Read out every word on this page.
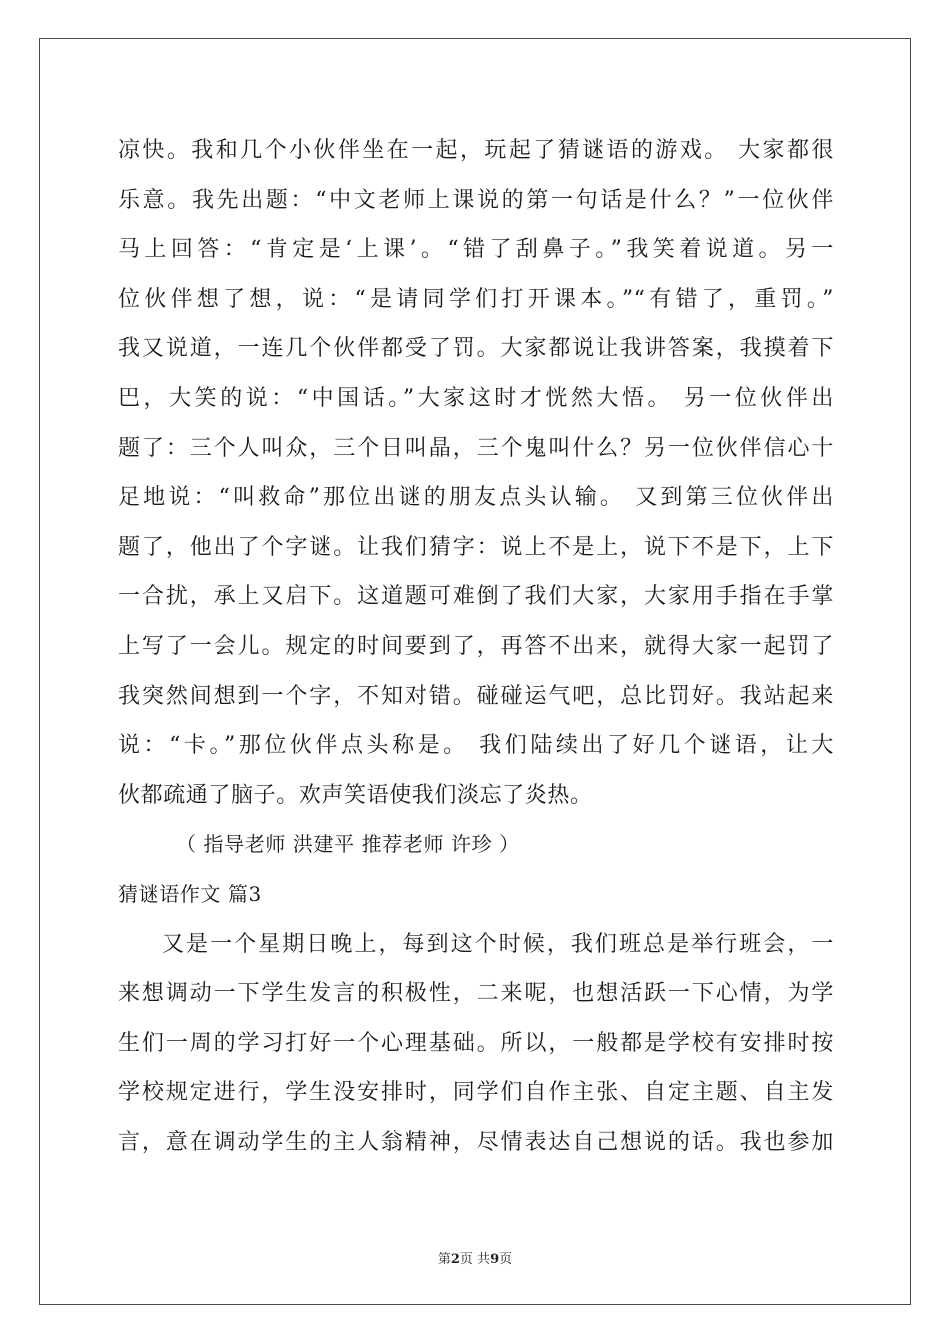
凉快。我和几个小伙伴坐在一起，玩起了猜谜语的游戏。 大家都很
乐意。我先出题：“中文老师上课说的第一句话是什么？”一位伙伴
马上回答：“肯定是‘上课’。“错了刮鼻子。”我笑着说道。另一
位伙伴想了想，说：“是请同学们打开课本。”“有错了，重罚。”
我又说道，一连几个伙伴都受了罚。大家都说让我讲答案，我摸着下
巴，大笑的说：“中国话。”大家这时才恍然大悟。 另一位伙伴出
题了：三个人叫众，三个日叫晶，三个鬼叫什么？另一位伙伴信心十
足地说：“叫救命”那位出谜的朋友点头认输。 又到第三位伙伴出
题了，他出了个字谜。让我们猜字：说上不是上，说下不是下，上下
一合扰，承上又启下。这道题可难倒了我们大家，大家用手指在手掌
上写了一会儿。规定的时间要到了，再答不出来，就得大家一起罚了
我突然间想到一个字，不知对错。碰碰运气吧，总比罚好。我站起来
说：“卡。”那位伙伴点头称是。 我们陆续出了好几个谜语，让大
伙都疏通了脑子。欢声笑语使我们淡忘了炎热。
（ 指导老师 洪建平 推荐老师 许珍 ）
猜谜语作文 篇3
又是一个星期日晚上，每到这个时候，我们班总是举行班会，一
来想调动一下学生发言的积极性，二来呢，也想活跃一下心情，为学
生们一周的学习打好一个心理基础。所以，一般都是学校有安排时按
学校规定进行，学生没安排时，同学们自作主张、自定主题、自主发
言，意在调动学生的主人翁精神，尽情表达自己想说的话。我也参加
第2页 共9页
